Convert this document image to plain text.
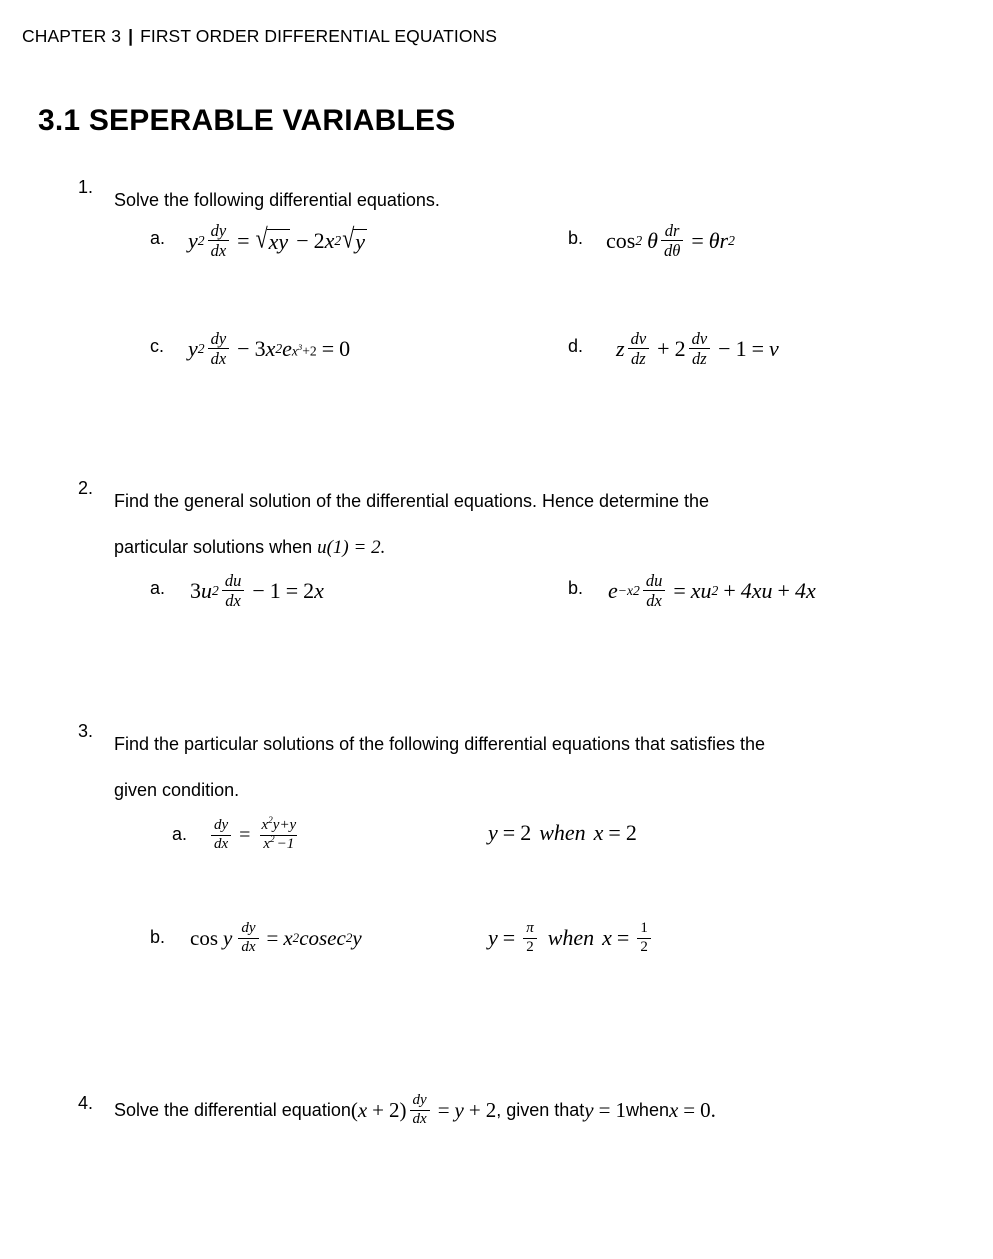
CHAPTER 3 | FIRST ORDER DIFFERENTIAL EQUATIONS
3.1 SEPERABLE VARIABLES
1.
Solve the following differential equations.
a. y $2 \frac{dy}{dx}$ = √ xy − 2 x 2 √ y	b. cos 2 θ $\frac{dr}{d\theta} = \theta$ r 2
c. y $2 \frac{dy}{dx} - 3$ x 2 e $x^3+2 = 0$	d. z $\frac{dv}{dz} + 2 \frac{dv}{dz} - 1 = v$
2.
Find the general solution of the differential equations. Hence determine the
particular solutions when u(1) = 2.
a. 3 u $2 \frac{du}{dx} - 1 = 2$ x	b. $e -x2 \frac{du}{dx} = x$ u 2 + 4xu + 4x
3.
Find the particular solutions of the following differential equations that satisfies the
given condition.
a. $\frac{dy}{dx} = \frac{x^2y+y}{x^2 -1}$	y = 2 when x = 2
b. cos y $\frac{dy}{dx} = x$ 2 cosec 2 y	$y = \frac{\pi}{2}$ when $x = \frac{1}{2}$
4. Solve the differential equation ( x + 2 ) $\frac{dy}{dx} = y + 2$ , given that y = 1 when x = 0 .
